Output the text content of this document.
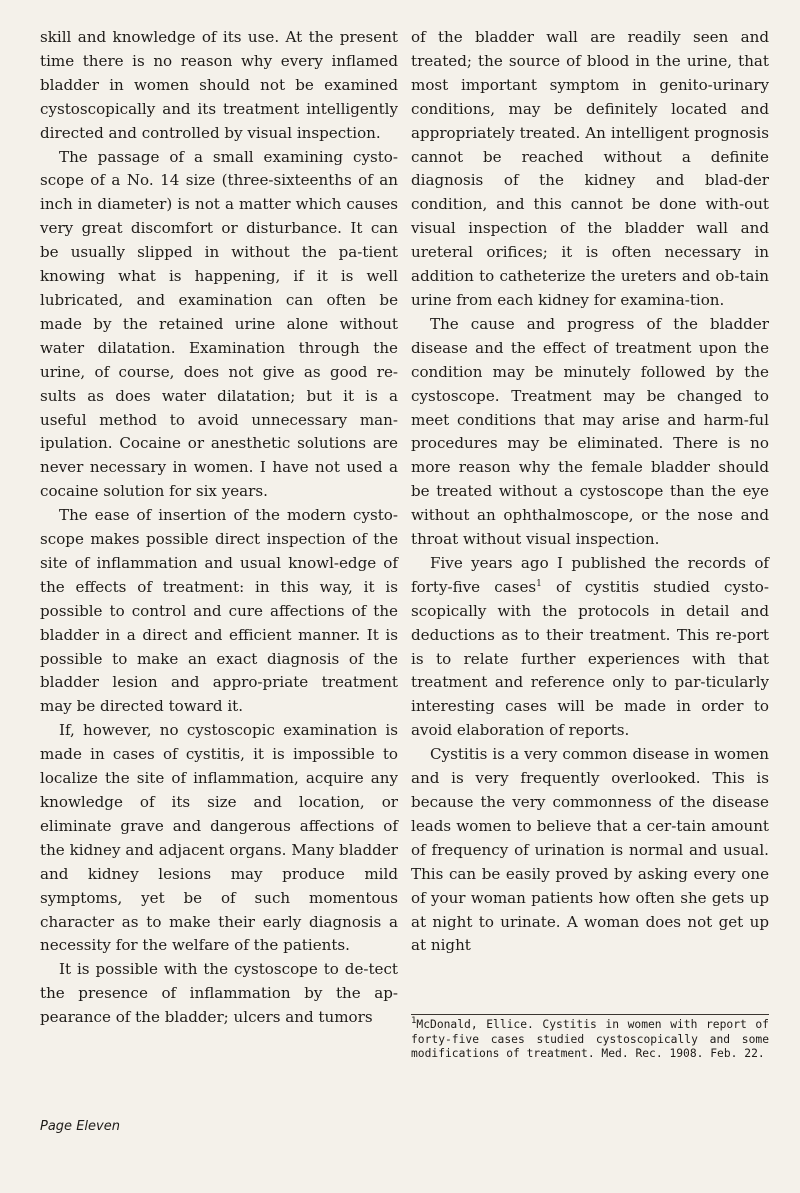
skill and knowledge of its use. At the present time there is no reason why every inflamed bladder in women should not be examined cystoscopically and its treatment intelligently directed and controlled by visual inspection.

The passage of a small examining cysto-scope of a No. 14 size (three-sixteenths of an inch in diameter) is not a matter which causes very great discomfort or disturbance. It can be usually slipped in without the pa-tient knowing what is happening, if it is well lubricated, and examination can often be made by the retained urine alone without water dilatation. Examination through the urine, of course, does not give as good re-sults as does water dilatation; but it is a useful method to avoid unnecessary man-ipulation. Cocaine or anesthetic solutions are never necessary in women. I have not used a cocaine solution for six years.

The ease of insertion of the modern cysto-scope makes possible direct inspection of the site of inflammation and usual knowl-edge of the effects of treatment: in this way, it is possible to control and cure affections of the bladder in a direct and efficient manner. It is possible to make an exact diagnosis of the bladder lesion and appro-priate treatment may be directed toward it.

If, however, no cystoscopic examination is made in cases of cystitis, it is impossible to localize the site of inflammation, acquire any knowledge of its size and location, or eliminate grave and dangerous affections of the kidney and adjacent organs. Many bladder and kidney lesions may produce mild symptoms, yet be of such momentous character as to make their early diagnosis a necessity for the welfare of the patients.

It is possible with the cystoscope to de-tect the presence of inflammation by the ap-pearance of the bladder; ulcers and tumors

of the bladder wall are readily seen and treated; the source of blood in the urine, that most important symptom in genito-urinary conditions, may be definitely located and appropriately treated. An intelligent prognosis cannot be reached without a definite diagnosis of the kidney and blad-der condition, and this cannot be done with-out visual inspection of the bladder wall and ureteral orifices; it is often necessary in addition to catheterize the ureters and ob-tain urine from each kidney for examina-tion.

The cause and progress of the bladder disease and the effect of treatment upon the condition may be minutely followed by the cystoscope. Treatment may be changed to meet conditions that may arise and harm-ful procedures may be eliminated. There is no more reason why the female bladder should be treated without a cystoscope than the eye without an ophthalmoscope, or the nose and throat without visual inspection.

Five years ago I published the records of forty-five cases$^1$ of cystitis studied cysto-scopically with the protocols in detail and deductions as to their treatment. This re-port is to relate further experiences with that treatment and reference only to par-ticularly interesting cases will be made in order to avoid elaboration of reports.

Cystitis is a very common disease in women and is very frequently overlooked. This is because the very commonness of the disease leads women to believe that a cer-tain amount of frequency of urination is normal and usual. This can be easily proved by asking every one of your woman patients how often she gets up at night to urinate. A woman does not get up at night

$^1$McDonald, Ellice. Cystitis in women with report of forty-five cases studied cystoscopically and some modifications of treatment. Med. Rec. 1908. Feb. 22.

Page Eleven
